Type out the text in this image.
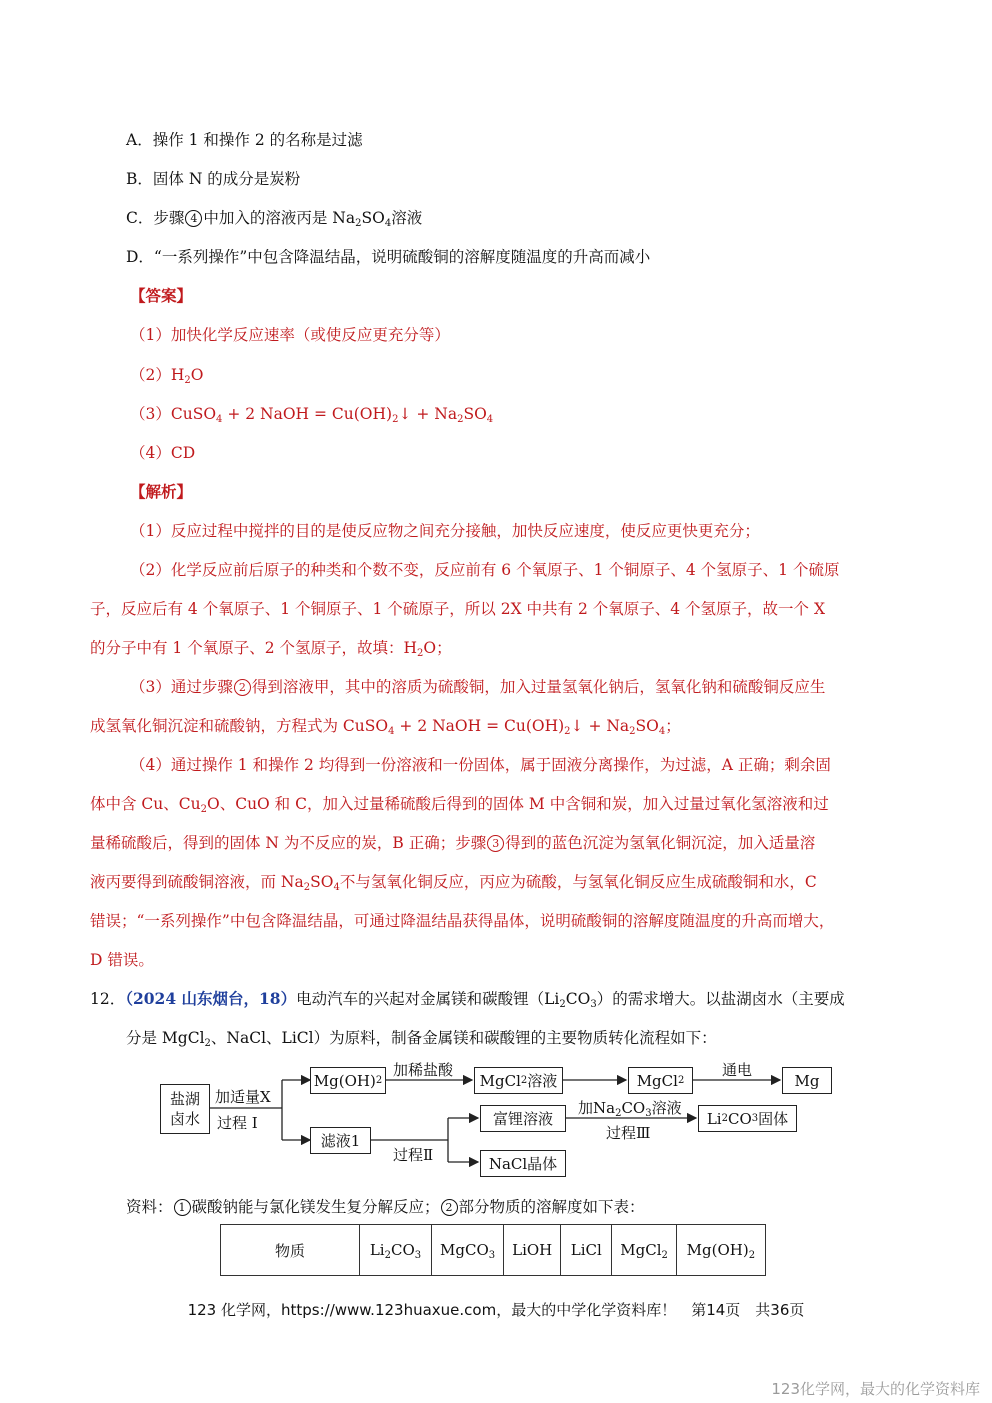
A．操作 1 和操作 2 的名称是过滤
B．固体 N 的成分是炭粉
C．步骤 4 中加入的溶液丙是 $Na_2SO_4$溶液
D．“一系列操作”中包含降温结晶，说明硫酸铜的溶解度随温度的升高而减小
【答案】
（1）加快化学反应速率（或使反应更充分等）
$(2)H_2O$
（3）CuSO$_4$ + 2 NaOH = $Cu(OH)_2↓ + Na_2SO_4$
（4）CD
【解析】
（1）反应过程中搅拌的目的是使反应物之间充分接触，加快反应速度，使反应更快更充分；
（2）化学反应前后原子的种类和个数不变，反应前有 6 个氧原子、1 个铜原子、4 个氢原子、1 个硫原
子，反应后有 4 个氧原子、1 个铜原子、1 个硫原子，所以 2X 中共有 2 个氧原子、4 个氢原子，故一个 X
的分子中有 1 个氧原子、2 个氢原子，故填：$H_2O$；
（3）通过步骤 2 得到溶液甲，其中的溶质为硫酸铜，加入过量氢氧化钠后，氢氧化钠和硫酸铜反应生
成氢氧化铜沉淀和硫酸钠，方程式为 CuSO$_4$ + 2 NaOH = $Cu(OH)_2↓ + Na_2SO_4$；
（4）通过操作 1 和操作 2 均得到一份溶液和一份固体，属于固液分离操作，为过滤，A 正确；剩余固
体中含 Cu、$Cu_2O$、CuO 和 C，加入过量稀硫酸后得到的固体 M 中含铜和炭，加入过量过氧化氢溶液和过
量稀硫酸后，得到的固体 N 为不反应的炭，B 正确；步骤 3 得到的蓝色沉淀为氢氧化铜沉淀，加入适量溶
液丙要得到硫酸铜溶液，而 $Na_2SO_4$不与氢氧化铜反应，丙应为硫酸，与氢氧化铜反应生成硫酸铜和水，C
错误；“一系列操作”中包含降温结晶，可通过降温结晶获得晶体，说明硫酸铜的溶解度随温度的升高而增大，
D 错误。
12．（2024 山东烟台，18）电动汽车的兴起对金属镁和碳酸锂$(Li_2CO_3)$的需求增大。以盐湖卤水（主要成
分是 MgCl$_2$、NaCl、LiCl）为原料，制备金属镁和碳酸锂的主要物质转化流程如下：
盐湖
卤水
加适量X
过程 I
Mg(OH) 2
加稀盐酸
MgCl 2 溶液	MgCl 2
通电
Mg
滤液1
过程Ⅱ
富锂溶液
NaCl晶体
加$Na_2CO_3$溶液
过程Ⅲ
Li 2 CO 3 固体
资料： 1 碳酸钠能与氯化镁发生复分解反应； 2 部分物质的溶解度如下表：
物质	$Li_2CO_3$	MgCO$_3$	LiOH	LiCl	MgCl$_2$	$Mg(OH)_2$
123 化学网，https://www.123huaxue.com，最大的中学化学资料库！　第14页　共36页
123化学网，最大的化学资料库
